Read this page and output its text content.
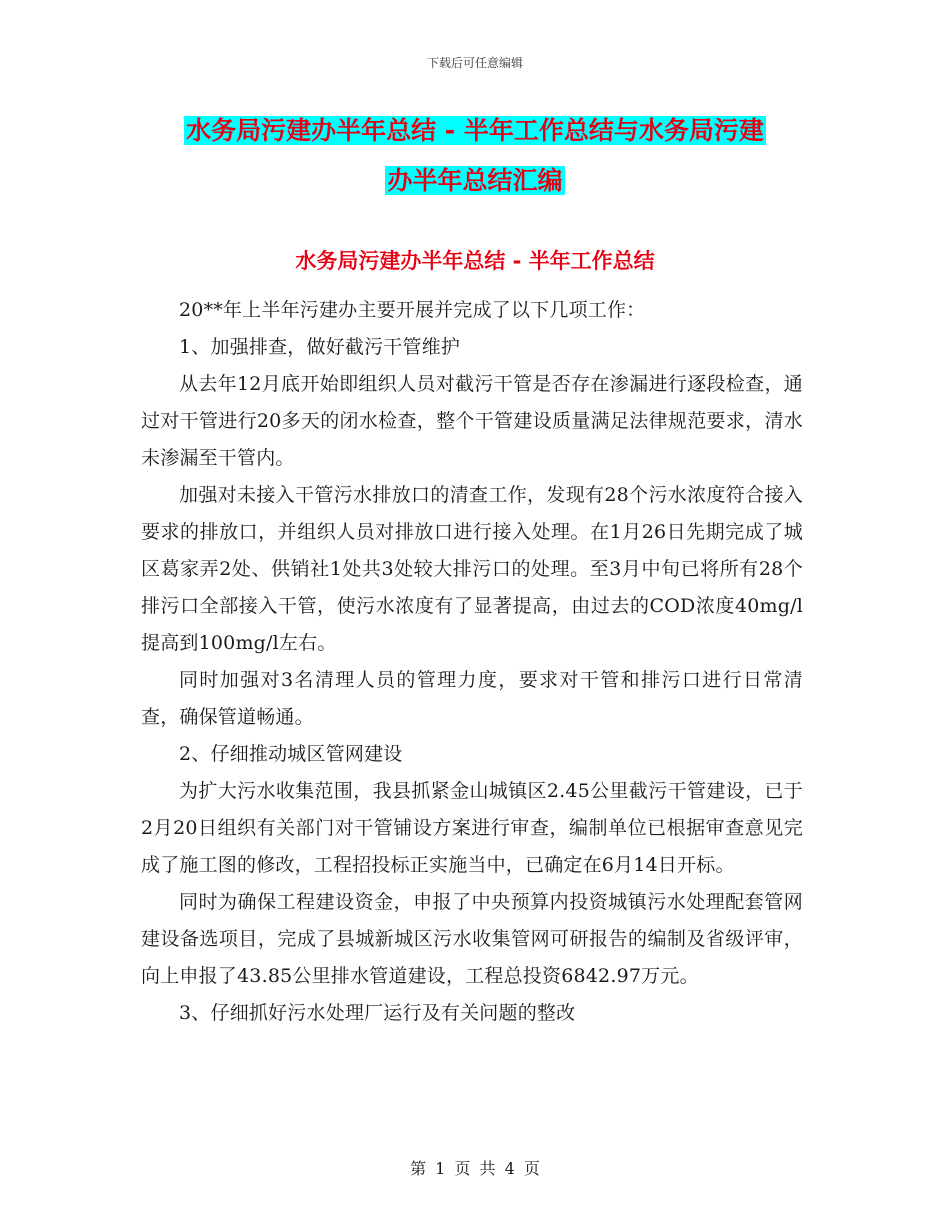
下载后可任意编辑
水务局污建办半年总结 - 半年工作总结与水务局污建
办半年总结汇编
水务局污建办半年总结 - 半年工作总结

20**年上半年污建办主要开展并完成了以下几项工作：

1、加强排查，做好截污干管维护

从去年12月底开始即组织人员对截污干管是否存在渗漏进行逐段检查，通过对干管进行20多天的闭水检查，整个干管建设质量满足法律规范要求，清水未渗漏至干管内。

加强对未接入干管污水排放口的清查工作，发现有28个污水浓度符合接入要求的排放口，并组织人员对排放口进行接入处理。在1月26日先期完成了城区葛家弄2处、供销社1处共3处较大排污口的处理。至3月中旬已将所有28个排污口全部接入干管，使污水浓度有了显著提高，由过去的COD浓度40mg/l提高到100mg/l左右。

同时加强对3名清理人员的管理力度，要求对干管和排污口进行日常清查，确保管道畅通。

2、仔细推动城区管网建设

为扩大污水收集范围，我县抓紧金山城镇区2.45公里截污干管建设，已于2月20日组织有关部门对干管铺设方案进行审查，编制单位已根据审查意见完成了施工图的修改，工程招投标正实施当中，已确定在6月14日开标。

同时为确保工程建设资金，申报了中央预算内投资城镇污水处理配套管网建设备选项目，完成了县城新城区污水收集管网可研报告的编制及省级评审，向上申报了43.85公里排水管道建设，工程总投资6842.97万元。

3、仔细抓好污水处理厂运行及有关问题的整改

第 1 页 共 4 页
